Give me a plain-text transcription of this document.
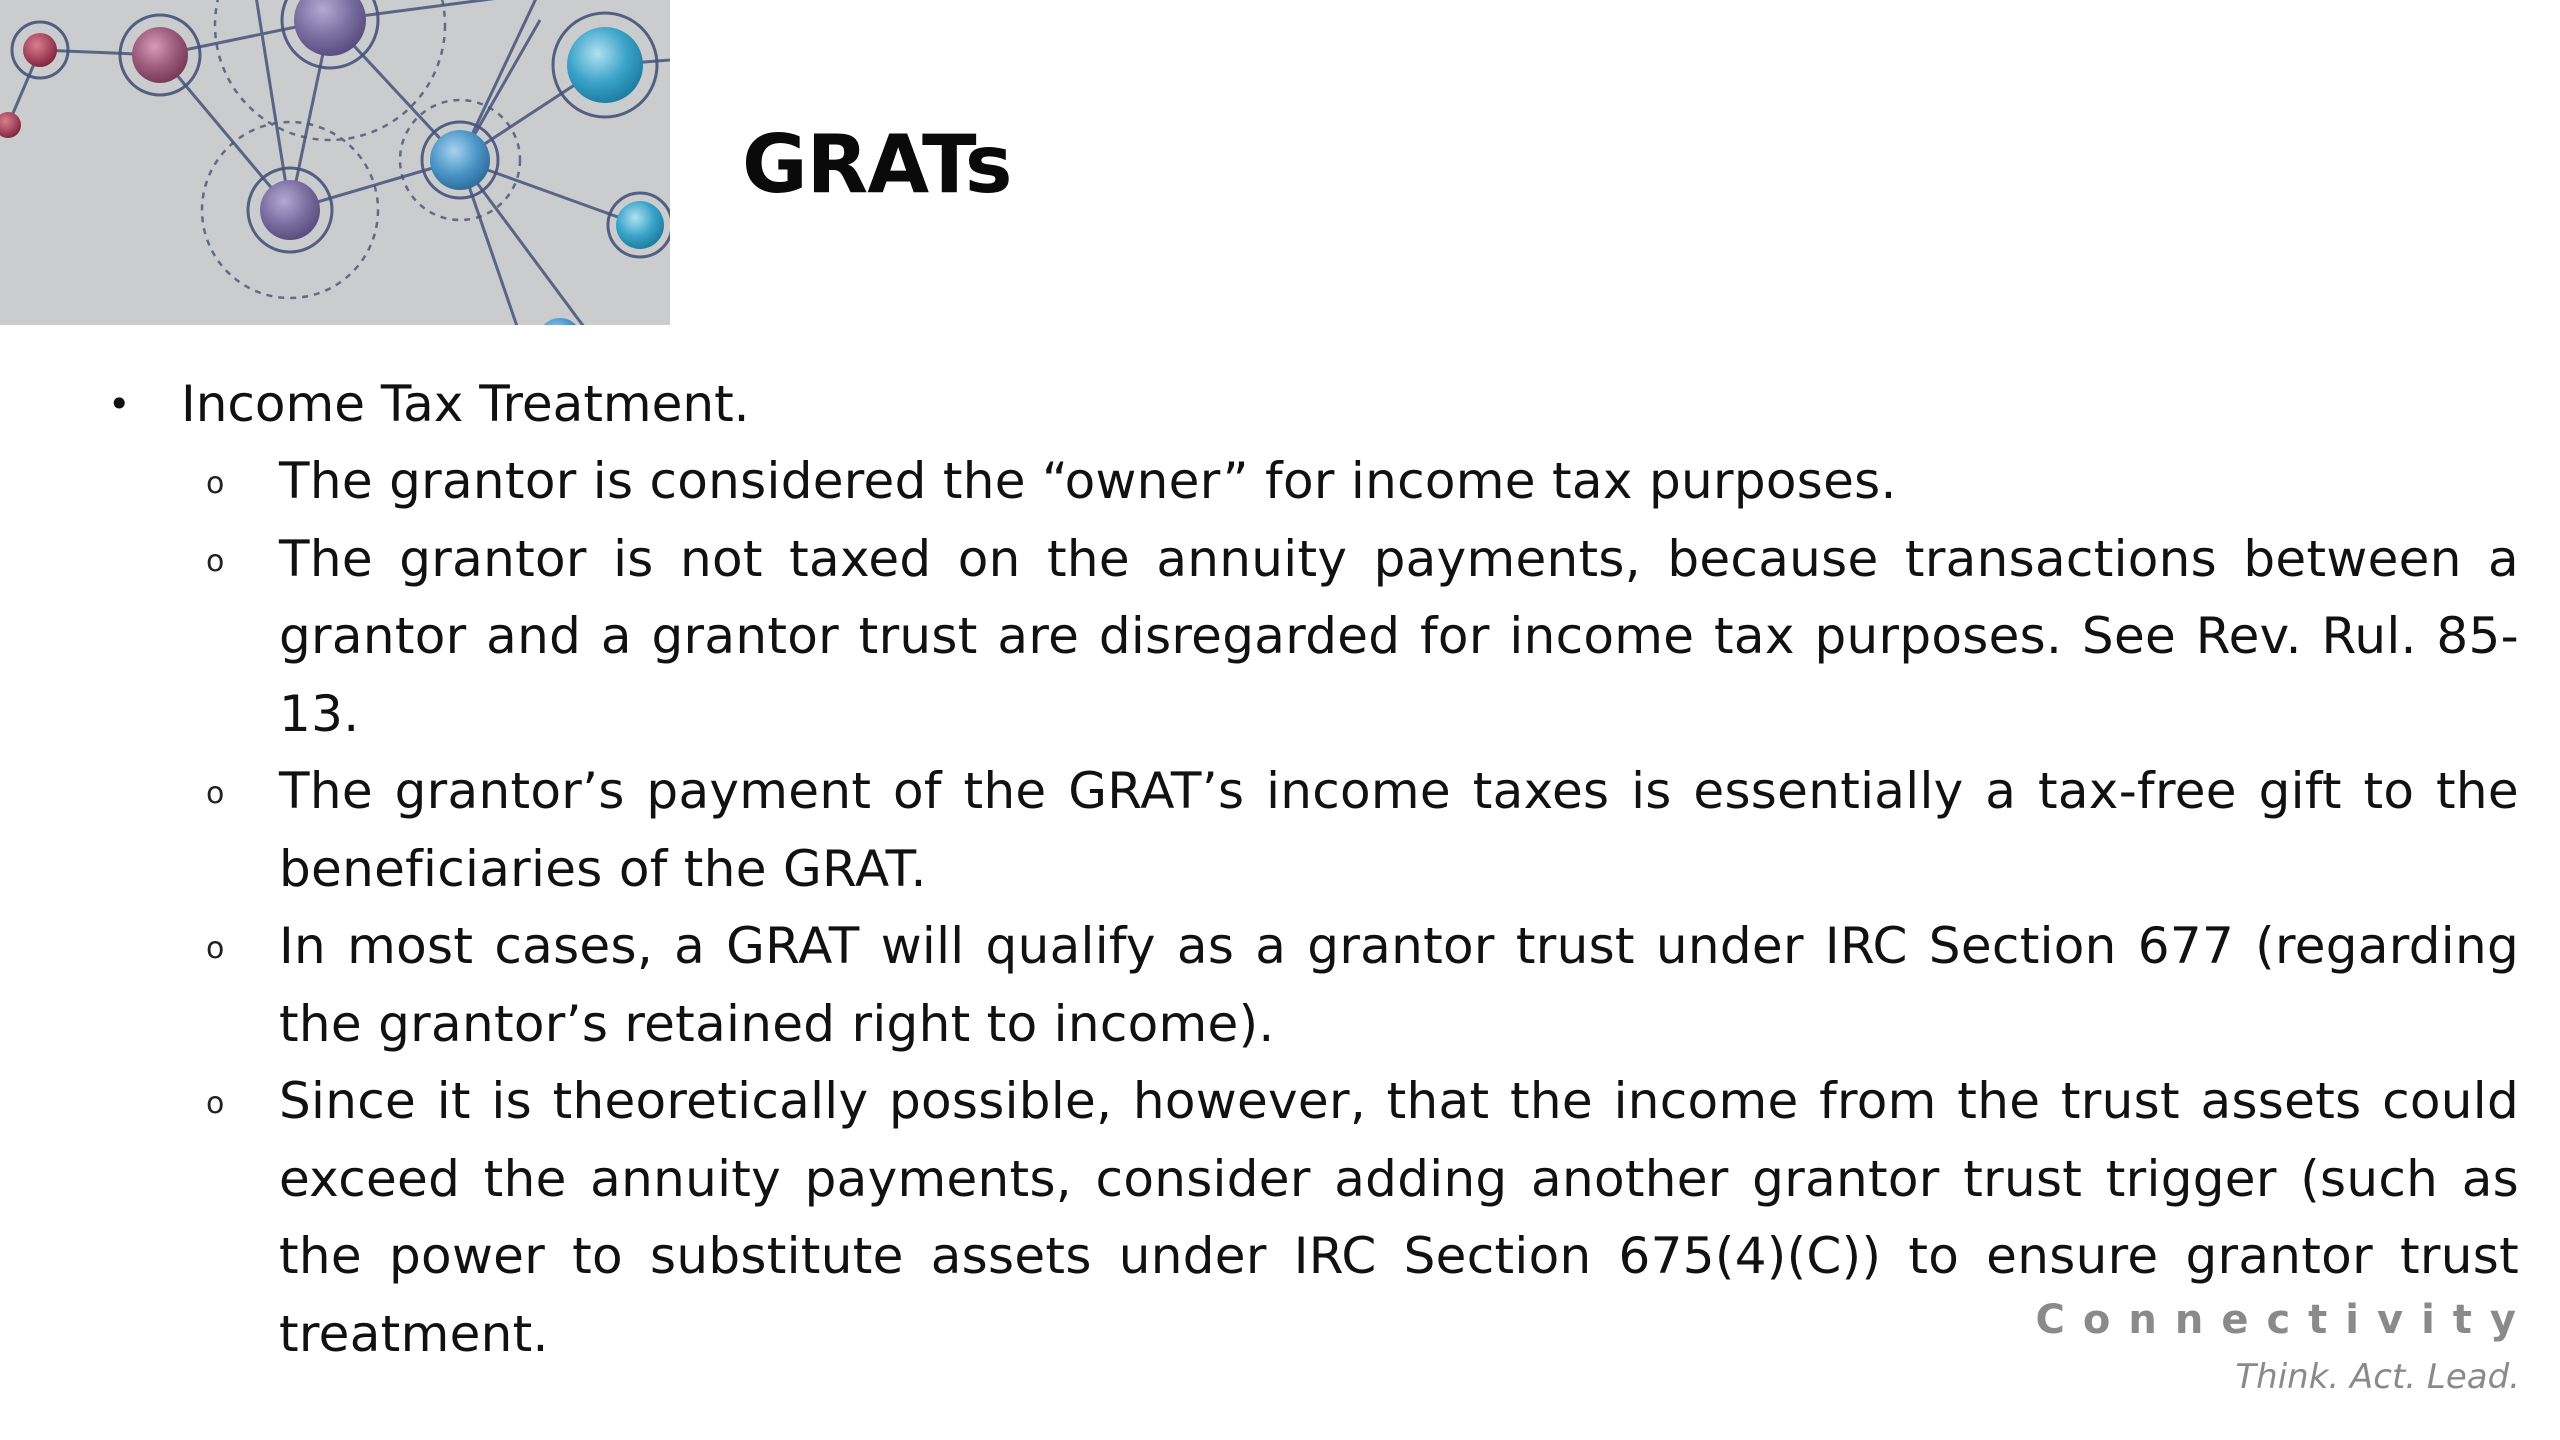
GRATs

• Income Tax Treatment.

o The grantor is considered the “owner” for income tax purposes.
o The grantor is not taxed on the annuity payments, because transactions between a grantor and a grantor trust are disregarded for income tax purposes. See Rev. Rul. 85-13.
o The grantor’s payment of the GRAT’s income taxes is essentially a tax-free gift to the beneficiaries of the GRAT.
o In most cases, a GRAT will qualify as a grantor trust under IRC Section 677 (regarding the grantor’s retained right to income).
o Since it is theoretically possible, however, that the income from the trust assets could exceed the annuity payments, consider adding another grantor trust trigger (such as the power to substitute assets under IRC Section 675(4)(C)) to ensure grantor trust treatment.	Connectivity
Think. Act. Lead.
